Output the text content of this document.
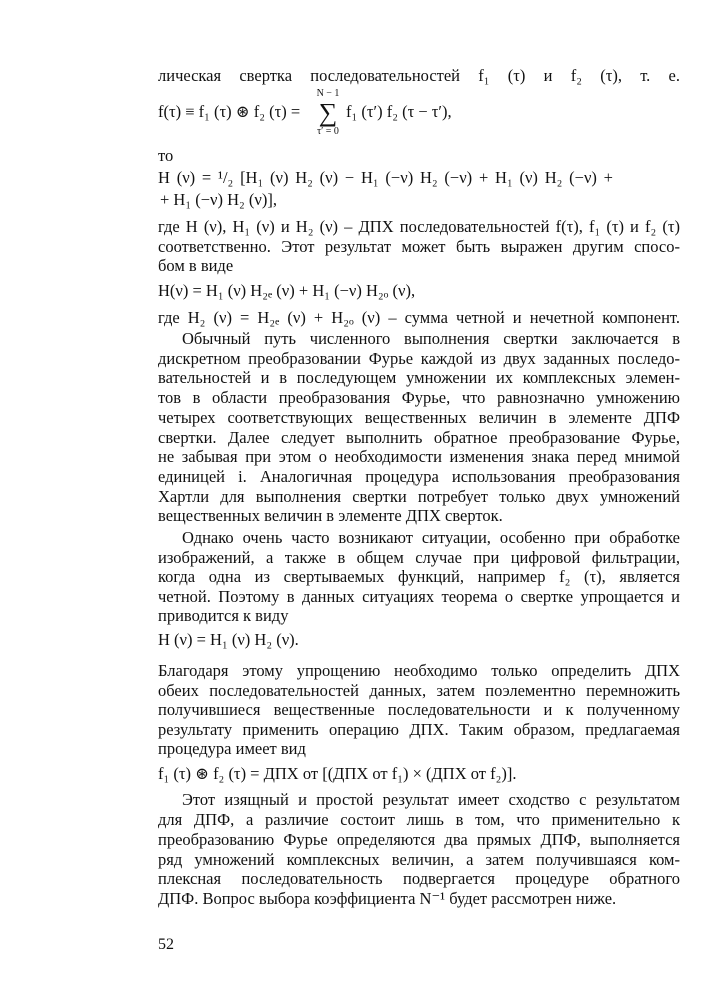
лическая свертка последовательностей f₁ (τ) и f₂ (τ), т. е.
N − 1
∑
τ′ = 0
f(τ) ≡ f₁ (τ) ⊛ f₂ (τ) =	f₁ (τ′) f₂ (τ − τ′),
то
H (ν) = ¹/₂ [H₁ (ν) H₂ (ν) − H₁ (−ν) H₂ (−ν) + H₁ (ν) H₂ (−ν) +
+ H₁ (−ν) H₂ (ν)],
где H (ν), H₁ (ν) и H₂ (ν) – ДПХ последовательностей f(τ), f₁ (τ) и f₂ (τ)
соответственно. Этот результат может быть выражен другим спосо-
бом в виде
H(ν) = H₁ (ν) H₂ₑ (ν) + H₁ (−ν) H₂ₒ (ν),
где H₂ (ν) = H₂ₑ (ν) + H₂ₒ (ν) – сумма четной и нечетной компонент.
Обычный путь численного выполнения свертки заключается в
дискретном преобразовании Фурье каждой из двух заданных последо-
вательностей и в последующем умножении их комплексных элемен-
тов в области преобразования Фурье, что равнозначно умножению
четырех соответствующих вещественных величин в элементе ДПФ
свертки. Далее следует выполнить обратное преобразование Фурье,
не забывая при этом о необходимости изменения знака перед мнимой
единицей i. Аналогичная процедура использования преобразования
Хартли для выполнения свертки потребует только двух умножений
вещественных величин в элементе ДПХ сверток.
Однако очень часто возникают ситуации, особенно при обработке
изображений, а также в общем случае при цифровой фильтрации,
когда одна из свертываемых функций, например f₂ (τ), является
четной. Поэтому в данных ситуациях теорема о свертке упрощается и
приводится к виду
H (ν) = H₁ (ν) H₂ (ν).
Благодаря этому упрощению необходимо только определить ДПХ
обеих последовательностей данных, затем поэлементно перемножить
получившиеся вещественные последовательности и к полученному
результату применить операцию ДПХ. Таким образом, предлагаемая
процедура имеет вид
f₁ (τ) ⊛ f₂ (τ) = ДПХ от [(ДПХ от f₁) × (ДПХ от f₂)].
Этот изящный и простой результат имеет сходство с результатом
для ДПФ, а различие состоит лишь в том, что применительно к
преобразованию Фурье определяются два прямых ДПФ, выполняется
ряд умножений комплексных величин, а затем получившаяся ком-
плексная последовательность подвергается процедуре обратного
ДПФ. Вопрос выбора коэффициента N⁻¹ будет рассмотрен ниже.
52
